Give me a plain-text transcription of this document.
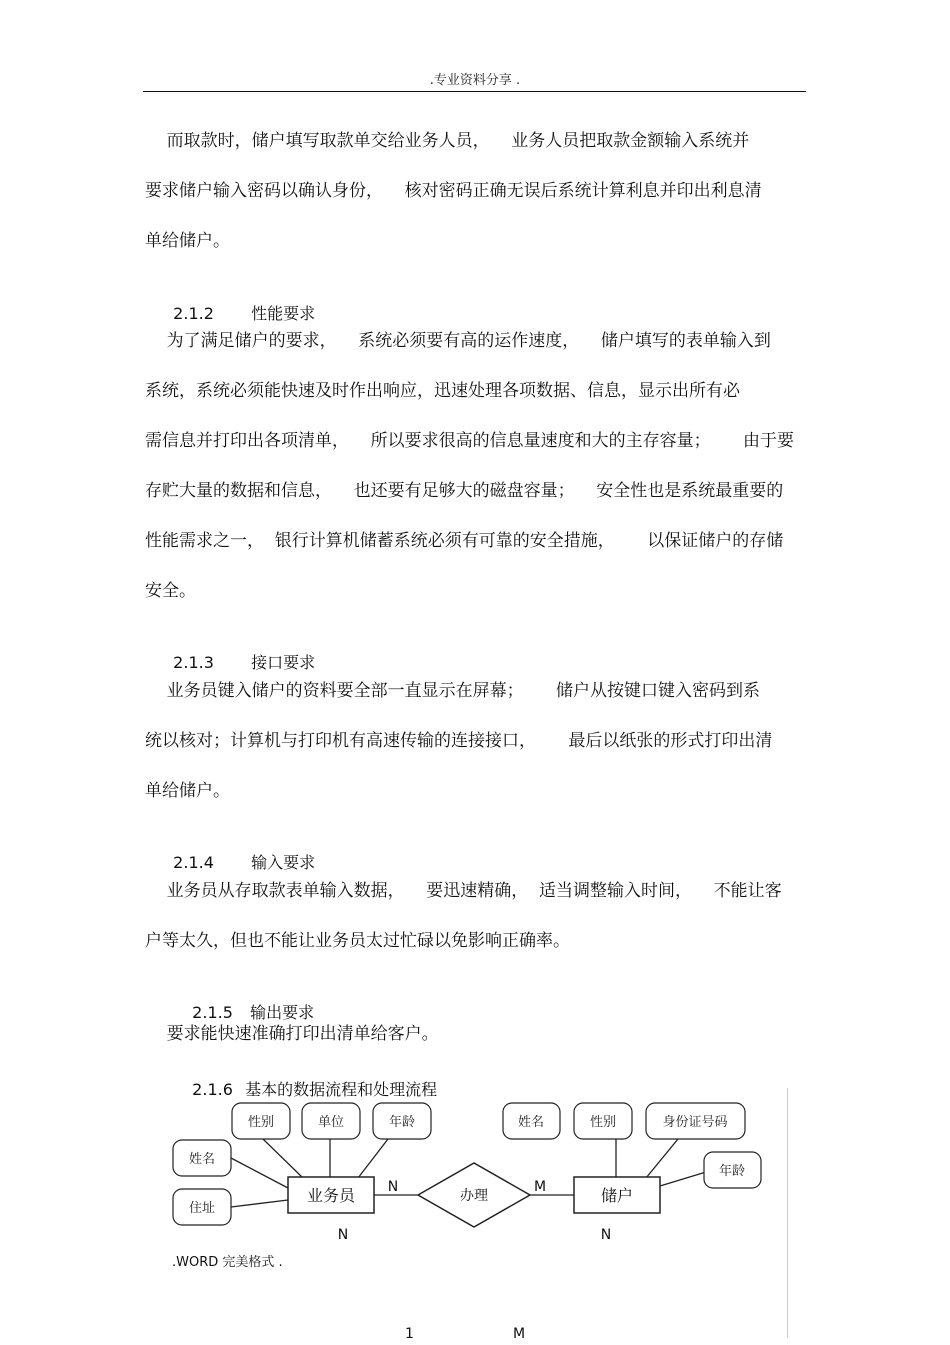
.专业资料分享 .
而取款时，储户填写取款单交给业务人员，    业务人员把取款金额输入系统并
要求储户输入密码以确认身份，    核对密码正确无误后系统计算利息并印出利息清
单给储户。

2.1.2 性能要求

为了满足储户的要求，    系统必须要有高的运作速度，    储户填写的表单输入到
系统，系统必须能快速及时作出响应，迅速处理各项数据、信息，显示出所有必
需信息并打印出各项清单，    所以要求很高的信息量速度和大的主存容量；      由于要
存贮大量的数据和信息，    也还要有足够大的磁盘容量；    安全性也是系统最重要的
性能需求之一，  银行计算机储蓄系统必须有可靠的安全措施，      以保证储户的存储
安全。

2.1.3 接口要求

业务员键入储户的资料要全部一直显示在屏幕；      储户从按键口键入密码到系
统以核对；计算机与打印机有高速传输的连接接口，      最后以纸张的形式打印出清
单给储户。

2.1.4 输入要求

业务员从存取款表单输入数据，    要迅速精确，  适当调整输入时间，    不能让客
户等太久，但也不能让业务员太过忙碌以免影响正确率。

2.1.5 输出要求

要求能快速准确打印出清单给客户。

2.1.6 基本的数据流程和处理流程

性别	单位	年龄
姓名
住址
姓名	性别	身份证号码
年龄
业务员	储户
办理
N	M
N	N
.WORD 完美格式 .
1	M
